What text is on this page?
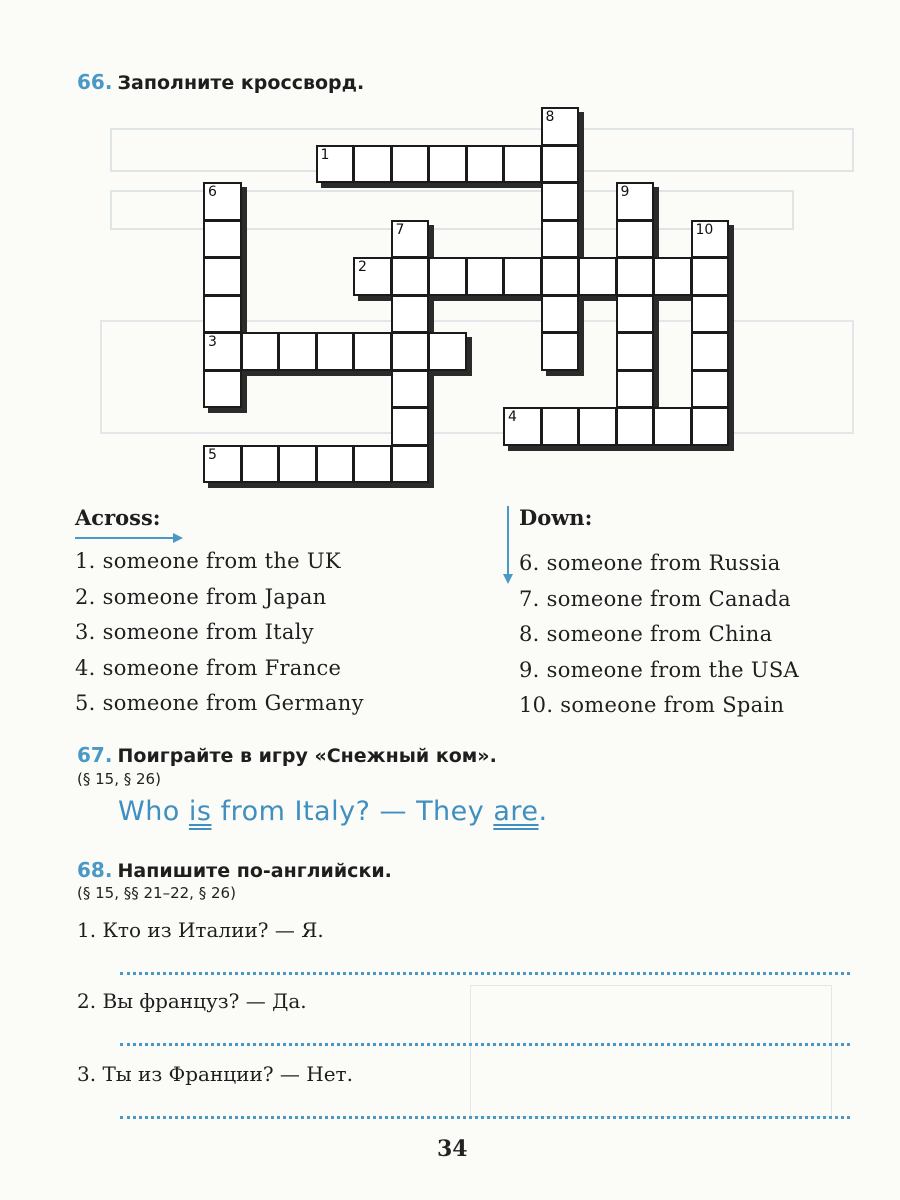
66. Заполните кроссворд.
1
2
3
4
5
6
7
8
9
10
Across:
1. someone from the UK
2. someone from Japan
3. someone from Italy
4. someone from France
5. someone from Germany
Down:
6. someone from Russia
7. someone from Canada
8. someone from China
9. someone from the USA
10. someone from Spain
67. Поиграйте в игру «Снежный ком».
(§ 15, § 26)
Who is from Italy? — They are.
68. Напишите по-английски.
(§ 15, §§ 21–22, § 26)
1. Кто из Италии? — Я.
2. Вы француз? — Да.
3. Ты из Франции? — Нет.
34
